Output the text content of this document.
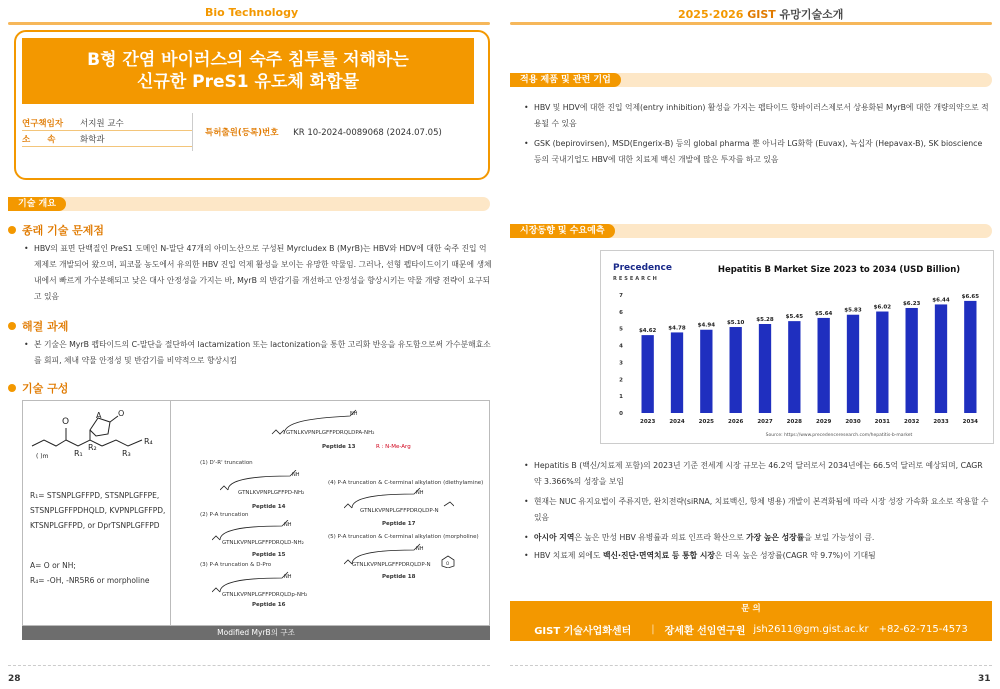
Bio Technology	2025·2026 GIST 유망기술소개
B형 간염 바이러스의 숙주 침투를 저해하는
신규한 PreS1 유도체 화합물
연구책임자	서지원 교수
소　　속	화학과
특허출원(등록)번호 KR 10-2024-0089068 (2024.07.05)
기술 개요
종래 기술 문제점
• HBV의 표면 단백질인 PreS1 도메인 N-말단 47개의 아미노산으로 구성된 Myrcludex B (MyrB)는 HBV와 HDV에 대한 숙주 진입 억제제로 개발되어 왔으며, 피코몰 농도에서 유의한 HBV 진입 억제 활성을 보이는 유망한 약물임. 그러나, 선형 펩타이드이기 때문에 생체 내에서 빠르게 가수분해되고 낮은 대사 안정성을 가지는 바, MyrB 의 반감기를 개선하고 안정성을 향상시키는 약물 개량 전략이 요구되고 있음
해결 과제
• 본 기술은 MyrB 펩타이드의 C-말단을 절단하여 lactamization 또는 lactonization을 통한 고리화 반응을 유도함으로써 가수분해효소를 회피, 체내 약물 안정성 및 반감기를 비약적으로 향상시킴
기술 구성
O
A O
( )m	R₁
R₂
R₃
R₄
R₁= STSNPLGFFPD, STSNPLGFFPE, STSNPLGFFPDHQLD, KVPNPLGFFPD, KTSNPLGFFPD, or DprTSNPLGFFPD
A= O or NH;
R₄= -OH, -NR5R6 or morpholine
NH
GTNLKVPNPLGFFPDRQLDPA-NH₂
Peptide 13	R : N-Me-Arg
(1) D'-R' truncation
NH
GTNLKVPNPLGFFPD-NH₂
Peptide 14
(2) P-A truncation
NH
GTNLKVPNPLGFFPDRQLD-NH₂
Peptide 15
(3) P-A truncation & D-Pro
NH
GTNLKVPNPLGFFPDRQLDp-NH₂
Peptide 16
(4) P-A truncation & C-terminal alkylation (diethylamine)
NH
GTNLKVPNPLGFFPDRQLDP-N
Peptide 17
(5) P-A truncation & C-terminal alkylation (morpholine)
NH
O
GTNLKVPNPLGFFPDRQLDP-N
Peptide 18
Modified MyrB의 구조
적용 제품 및 관련 기업
• HBV 및 HDV에 대한 진입 억제(entry inhibition) 활성을 가지는 펩타이드 항바이러스제로서 상용화된 MyrB에 대한 개량의약으로 적용될 수 있음
• GSK (bepirovirsen), MSD(Engerix-B) 등의 global pharma 뿐 아니라 LG화학 (Euvax), 녹십자 (Hepavax-B), SK bioscience 등의 국내기업도 HBV에 대한 치료제 백신 개발에 많은 투자를 하고 있음
시장동향 및 수요예측
Precedence
RESEARCH
Hepatitis B Market Size 2023 to 2034 (USD Billion)
0
1
2
3
4
5
6
7
$4.62
2023
$4.78
2024
$4.94
2025
$5.10
2026
$5.28
2027
$5.45
2028
$5.64
2029
$5.83
2030
$6.02
2031
$6.23
2032
$6.44
2033
$6.65
2034
Source: https://www.precedenceresearch.com/hepatitis-b-market
• Hepatitis B (백신/치료제 포함)의 2023년 기준 전세계 시장 규모는 46.2억 달러로서 2034년에는 66.5억 달러로 예상되며, CAGR 약 3.366%의 성장을 보임
• 현재는 NUC 유지요법이 주류지만, 완치전략(siRNA, 치료백신, 항체 병용) 개발이 본격화됨에 따라 시장 성장 가속화 요소로 작용할 수 있음
• 아시아 지역은 높은 만성 HBV 유병률과 의료 인프라 확산으로 가장 높은 성장률을 보일 가능성이 큼.
• HBV 치료제 외에도 백신·진단·면역치료 등 통합 시장은 더욱 높은 성장률(CAGR 약 9.7%)이 기대됨
문 의
GIST 기술사업화센터 | 장세환 선임연구원 jsh2611@gm.gist.ac.kr +82-62-715-4573
28	31
